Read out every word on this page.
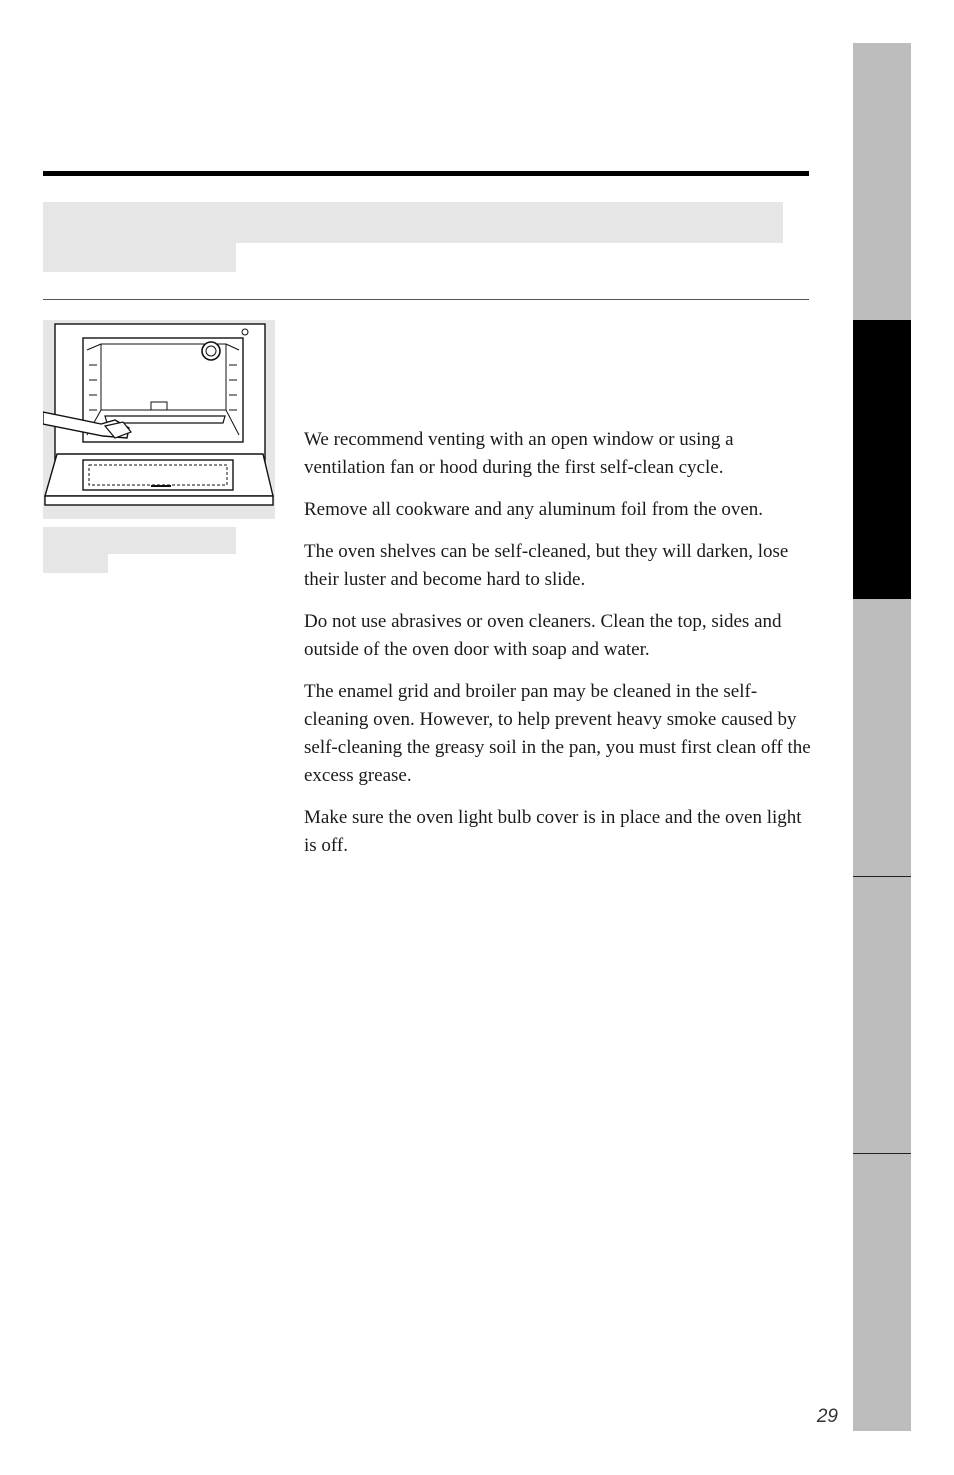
We recommend venting with an open window or using a ventilation fan or hood during the first self-clean cycle.

Remove all cookware and any aluminum foil from the oven.

The oven shelves can be self-cleaned, but they will darken, lose their luster and become hard to slide.

Do not use abrasives or oven cleaners. Clean the top, sides and outside of the oven door with soap and water.

The enamel grid and broiler pan may be cleaned in the self-cleaning oven. However, to help prevent heavy smoke caused by self-cleaning the greasy soil in the pan, you must first clean off the excess grease.

Make sure the oven light bulb cover is in place and the oven light is off.

29
